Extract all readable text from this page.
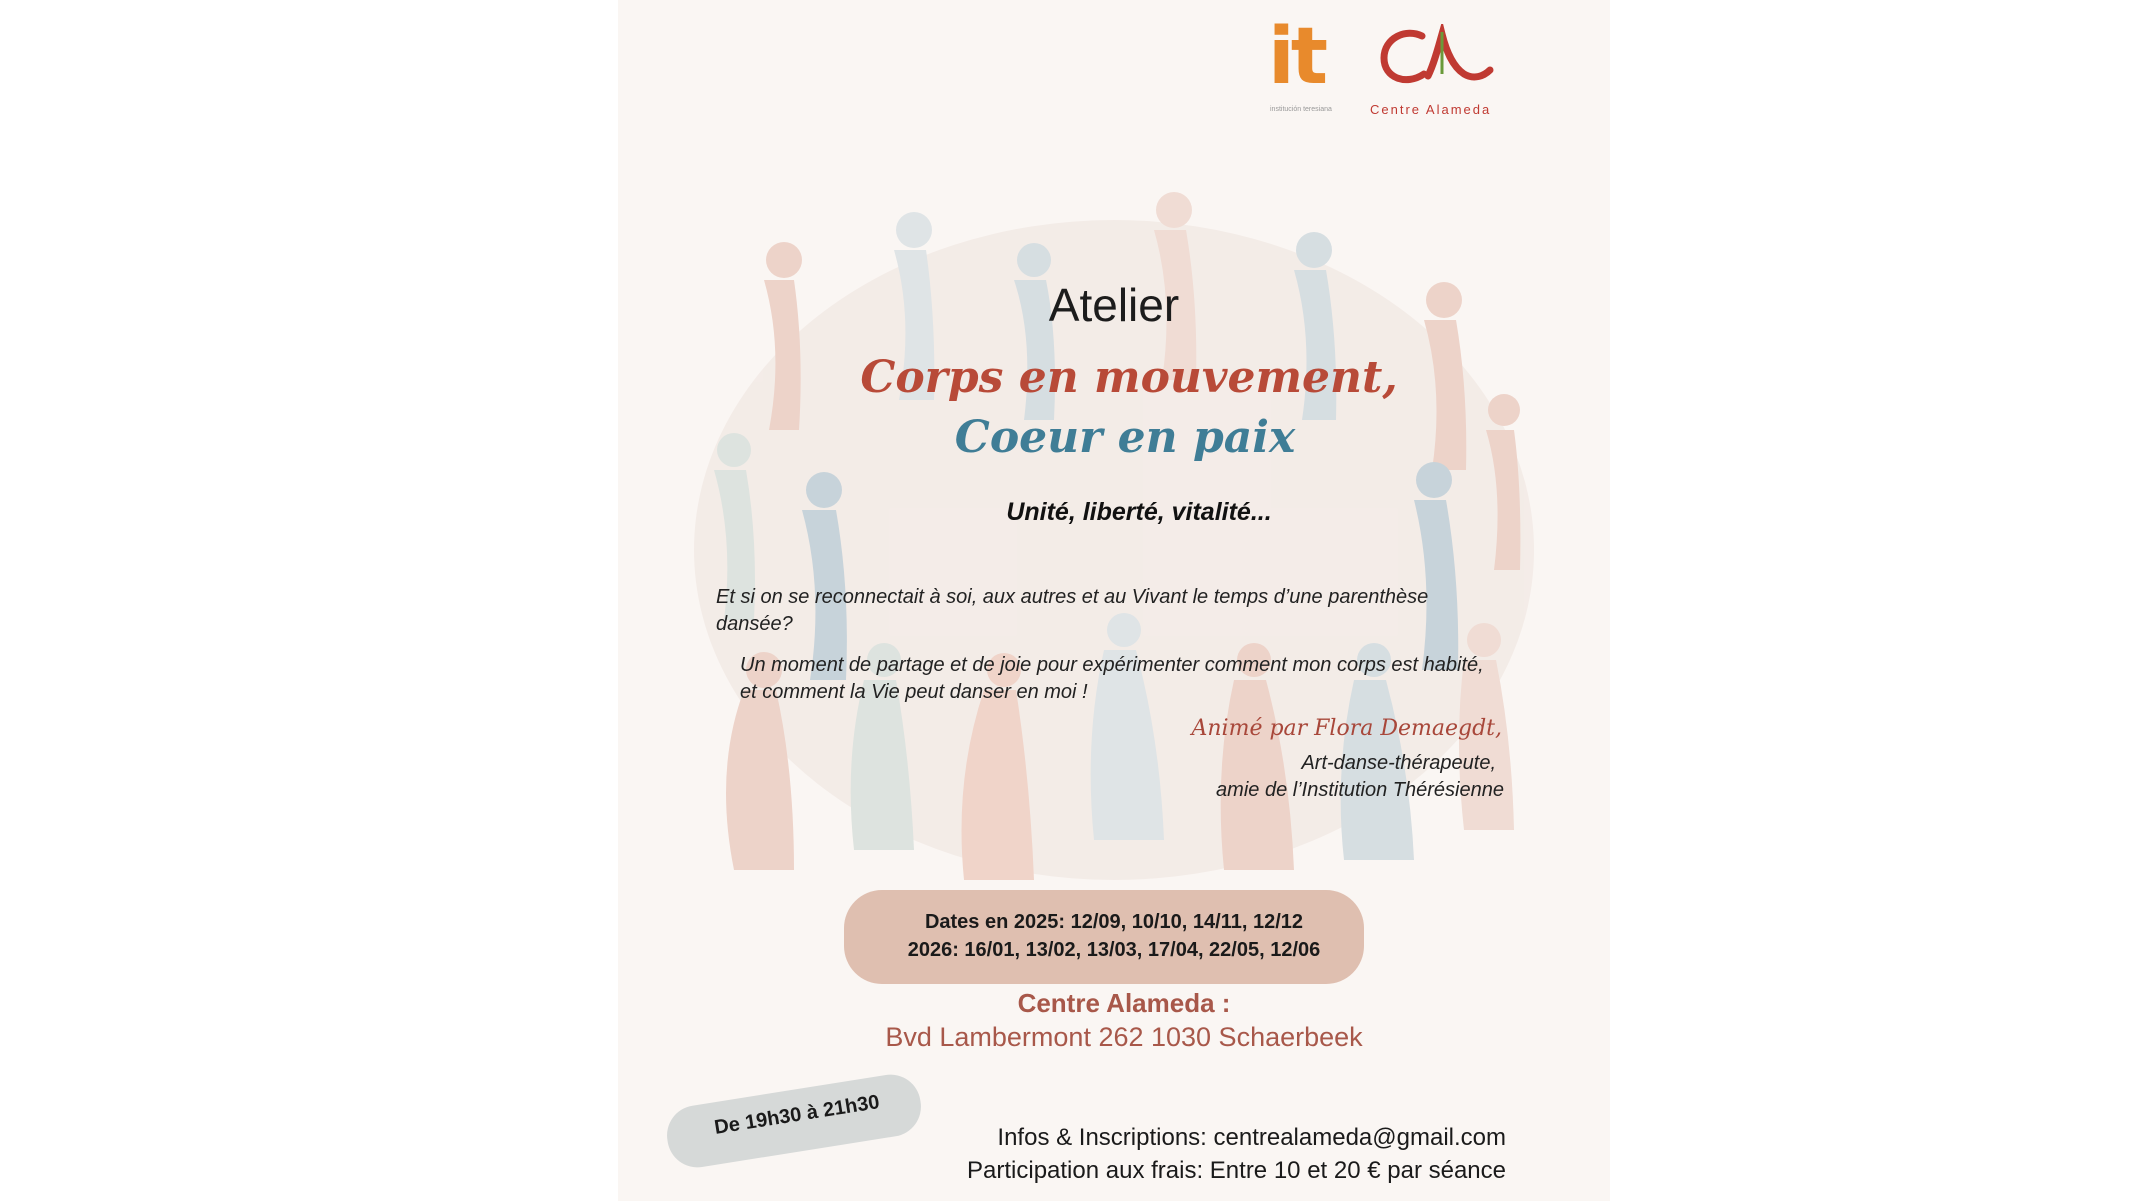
it
institución teresiana	Centre Alameda
Atelier
Corps en mouvement,
Coeur en paix
Unité, liberté, vitalité...
Et si on se reconnectait à soi, aux autres et au Vivant le temps d’une parenthèse dansée?
Un moment de partage et de joie pour expérimenter comment mon corps est habité, et comment la Vie peut danser en moi !
Animé par Flora Demaegdt,
Art-danse-thérapeute,
amie de l’Institution Thérésienne
Dates en 2025: 12/09, 10/10, 14/11, 12/12
2026: 16/01, 13/02, 13/03, 17/04, 22/05, 12/06
Centre Alameda :
Bvd Lambermont 262 1030 Schaerbeek
De 19h30 à 21h30	Infos & Inscriptions: centrealameda@gmail.com
Participation aux frais: Entre 10 et 20 € par séance
